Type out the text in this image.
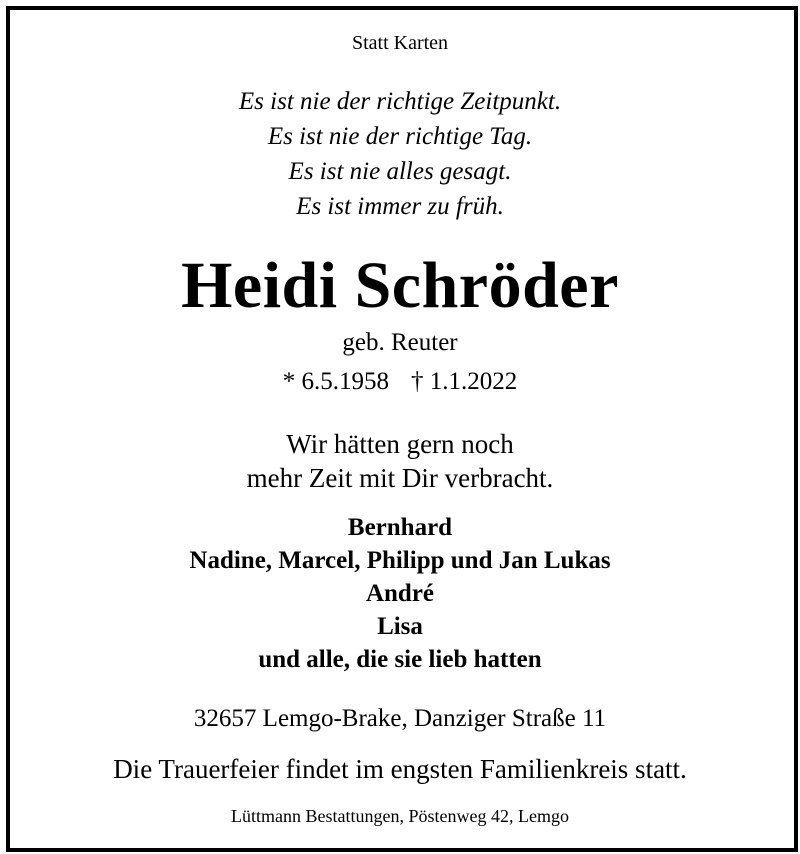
Statt Karten
Es ist nie der richtige Zeitpunkt.
Es ist nie der richtige Tag.
Es ist nie alles gesagt.
Es ist immer zu früh.
Heidi Schröder
geb. Reuter
* 6.5.1958 † 1.1.2022
Wir hätten gern noch
mehr Zeit mit Dir verbracht.
Bernhard
Nadine, Marcel, Philipp und Jan Lukas
André
Lisa
und alle, die sie lieb hatten
32657 Lemgo-Brake, Danziger Straße 11
Die Trauerfeier findet im engsten Familienkreis statt.
Lüttmann Bestattungen, Pöstenweg 42, Lemgo
